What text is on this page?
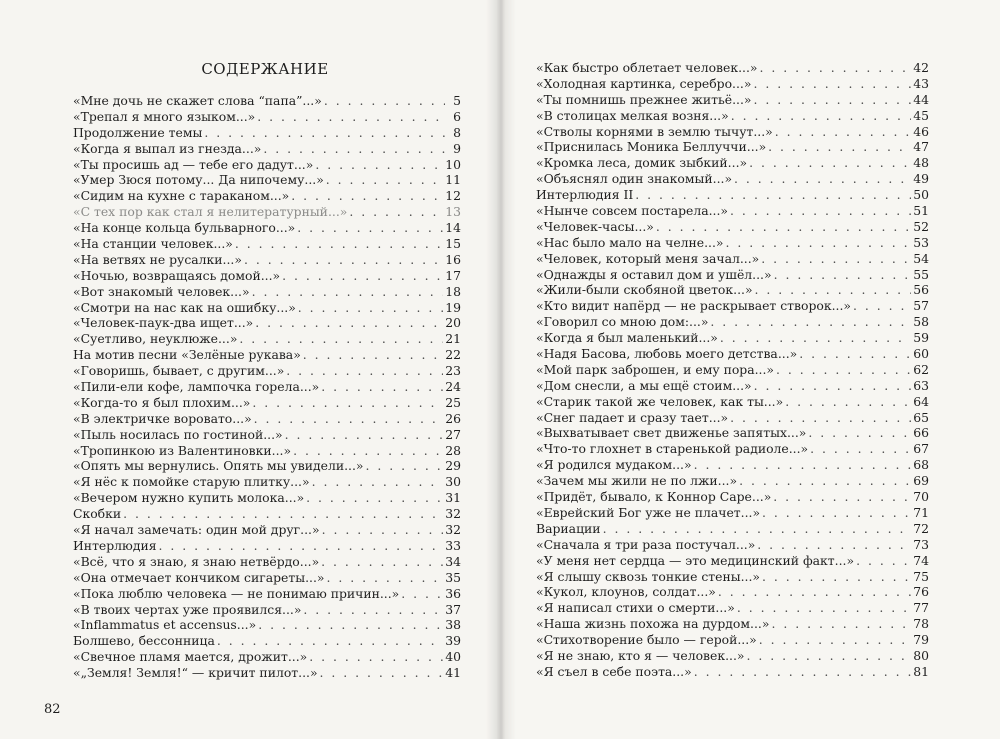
СОДЕРЖАНИЕ
«Мне дочь не скажет слова “папа”...» . . .	5
«Трепал я много языком...» . . .	6
Продолжение темы . . .	8
«Когда я выпал из гнезда...» . . .	9
«Ты просишь ад — тебе его дадут...» . . .	10
«Умер Зюся потому... Да нипочему...» . . .	11
«Сидим на кухне с тараканом...» . . .	12
«С тех пор как стал я нелитературный...» . . .	13
«На конце кольца бульварного...» . . .	14
«На станции человек...» . . .	15
«На ветвях не русалки...» . . .	16
«Ночью, возвращаясь домой...» . . .	17
«Вот знакомый человек...» . . .	18
«Смотри на нас как на ошибку...» . . .	19
«Человек-паук-два ищет...» . . .	20
«Суетливо, неуклюже...» . . .	21
На мотив песни «Зелёные рукава» . . .	22
«Говоришь, бывает, с другим...» . . .	23
«Пили-ели кофе, лампочка горела...» . . .	24
«Когда-то я был плохим...» . . .	25
«В электричке воровато...» . . .	26
«Пыль носилась по гостиной...» . . .	27
«Тропинкою из Валентиновки...» . . .	28
«Опять мы вернулись. Опять мы увидели...» . . .	29
«Я нёс к помойке старую плитку...» . . .	30
«Вечером нужно купить молока...» . . .	31
Скобки . . .	32
«Я начал замечать: один мой друг...» . . .	32
Интерлюдия . . .	33
«Всё, что я знаю, я знаю нетвёрдо...» . . .	34
«Она отмечает кончиком сигареты...» . . .	35
«Пока люблю человека — не понимаю причин...» . . .	36
«В твоих чертах уже проявился...» . . .	37
«Inflammatus et accensus...» . . .	38
Болшево, бессонница . . .	39
«Свечное пламя мается, дрожит...» . . .	40
«„Земля! Земля!“ — кричит пилот...» . . .	41
«Как быстро облетает человек...» . . .	42
«Холодная картинка, серебро...» . . .	43
«Ты помнишь прежнее житьё...» . . .	44
«В столицах мелкая возня...» . . .	45
«Стволы корнями в землю тычут...» . . .	46
«Приснилась Моника Беллуччи...» . . .	47
«Кромка леса, домик зыбкий...» . . .	48
«Объяснял один знакомый...» . . .	49
Интерлюдия II . . .	50
«Нынче совсем постарела...» . . .	51
«Человек-часы...» . . .	52
«Нас было мало на челне...» . . .	53
«Человек, который меня зачал...» . . .	54
«Однажды я оставил дом и ушёл...» . . .	55
«Жили-были скобяной цветок...» . . .	56
«Кто видит напёрд — не раскрывает створок...» . . .	57
«Говорил со мною дом:...» . . .	58
«Когда я был маленький...» . . .	59
«Надя Басова, любовь моего детства...» . . .	60
«Мой парк заброшен, и ему пора...» . . .	62
«Дом снесли, а мы ещё стоим...» . . .	63
«Старик такой же человек, как ты...» . . .	64
«Снег падает и сразу тает...» . . .	65
«Выхватывает свет движенье запятых...» . . .	66
«Что-то глохнет в старенькой радиоле...» . . .	67
«Я родился мудаком...» . . .	68
«Зачем мы жили не по лжи...» . . .	69
«Придёт, бывало, к Коннор Саре...» . . .	70
«Еврейский Бог уже не плачет...» . . .	71
Вариации . . .	72
«Сначала я три раза постучал...» . . .	73
«У меня нет сердца — это медицинский факт...» . . .	74
«Я слышу сквозь тонкие стены...» . . .	75
«Кукол, клоунов, солдат...» . . .	76
«Я написал стихи о смерти...» . . .	77
«Наша жизнь похожа на дурдом...» . . .	78
«Стихотворение было — герой...» . . .	79
«Я не знаю, кто я — человек...» . . .	80
«Я съел в себе поэта...» . . .	81
82
